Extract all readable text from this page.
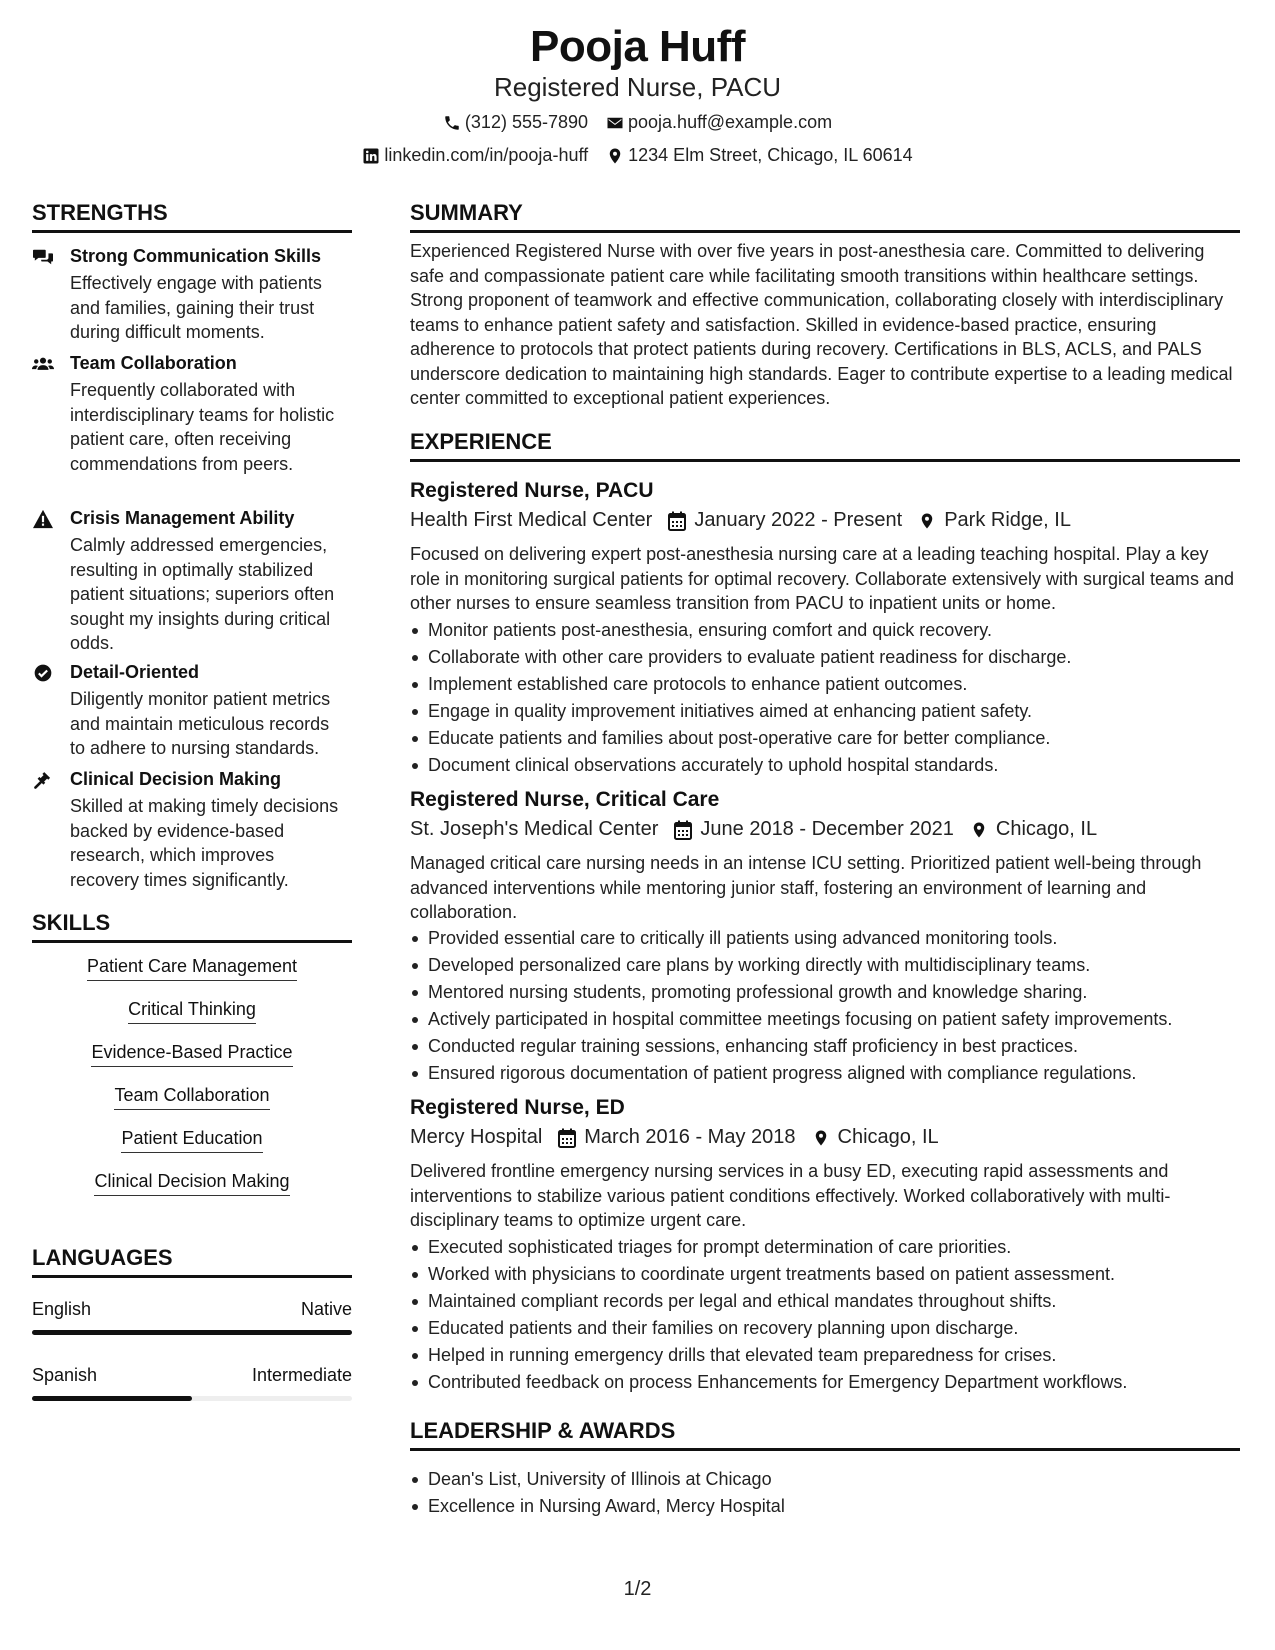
Pooja Huff
Registered Nurse, PACU
(312) 555-7890 pooja.huff@example.com
linkedin.com/in/pooja-huff 1234 Elm Street, Chicago, IL 60614
STRENGTHS
Strong Communication Skills
Effectively engage with patients and families, gaining their trust during difficult moments.
Team Collaboration
Frequently collaborated with interdisciplinary teams for holistic patient care, often receiving commendations from peers.
Crisis Management Ability
Calmly addressed emergencies, resulting in optimally stabilized patient situations; superiors often sought my insights during critical odds.
Detail-Oriented
Diligently monitor patient metrics and maintain meticulous records to adhere to nursing standards.
Clinical Decision Making
Skilled at making timely decisions backed by evidence-based research, which improves recovery times significantly.
SKILLS
Patient Care Management
Critical Thinking
Evidence-Based Practice
Team Collaboration
Patient Education
Clinical Decision Making
LANGUAGES
English	Native
Spanish	Intermediate
SUMMARY
Experienced Registered Nurse with over five years in post-anesthesia care. Committed to delivering safe and compassionate patient care while facilitating smooth transitions within healthcare settings. Strong proponent of teamwork and effective communication, collaborating closely with interdisciplinary teams to enhance patient safety and satisfaction. Skilled in evidence-based practice, ensuring adherence to protocols that protect patients during recovery. Certifications in BLS, ACLS, and PALS underscore dedication to maintaining high standards. Eager to contribute expertise to a leading medical center committed to exceptional patient experiences.
EXPERIENCE
Registered Nurse, PACU
Health First Medical Center January 2022 - Present Park Ridge, IL
Focused on delivering expert post-anesthesia nursing care at a leading teaching hospital. Play a key role in monitoring surgical patients for optimal recovery. Collaborate extensively with surgical teams and other nurses to ensure seamless transition from PACU to inpatient units or home.
Monitor patients post-anesthesia, ensuring comfort and quick recovery.
Collaborate with other care providers to evaluate patient readiness for discharge.
Implement established care protocols to enhance patient outcomes.
Engage in quality improvement initiatives aimed at enhancing patient safety.
Educate patients and families about post-operative care for better compliance.
Document clinical observations accurately to uphold hospital standards.
Registered Nurse, Critical Care
St. Joseph's Medical Center June 2018 - December 2021 Chicago, IL
Managed critical care nursing needs in an intense ICU setting. Prioritized patient well-being through advanced interventions while mentoring junior staff, fostering an environment of learning and collaboration.
Provided essential care to critically ill patients using advanced monitoring tools.
Developed personalized care plans by working directly with multidisciplinary teams.
Mentored nursing students, promoting professional growth and knowledge sharing.
Actively participated in hospital committee meetings focusing on patient safety improvements.
Conducted regular training sessions, enhancing staff proficiency in best practices.
Ensured rigorous documentation of patient progress aligned with compliance regulations.
Registered Nurse, ED
Mercy Hospital March 2016 - May 2018 Chicago, IL
Delivered frontline emergency nursing services in a busy ED, executing rapid assessments and interventions to stabilize various patient conditions effectively. Worked collaboratively with multi-disciplinary teams to optimize urgent care.
Executed sophisticated triages for prompt determination of care priorities.
Worked with physicians to coordinate urgent treatments based on patient assessment.
Maintained compliant records per legal and ethical mandates throughout shifts.
Educated patients and their families on recovery planning upon discharge.
Helped in running emergency drills that elevated team preparedness for crises.
Contributed feedback on process Enhancements for Emergency Department workflows.
LEADERSHIP & AWARDS
Dean's List, University of Illinois at Chicago
Excellence in Nursing Award, Mercy Hospital
1/2
